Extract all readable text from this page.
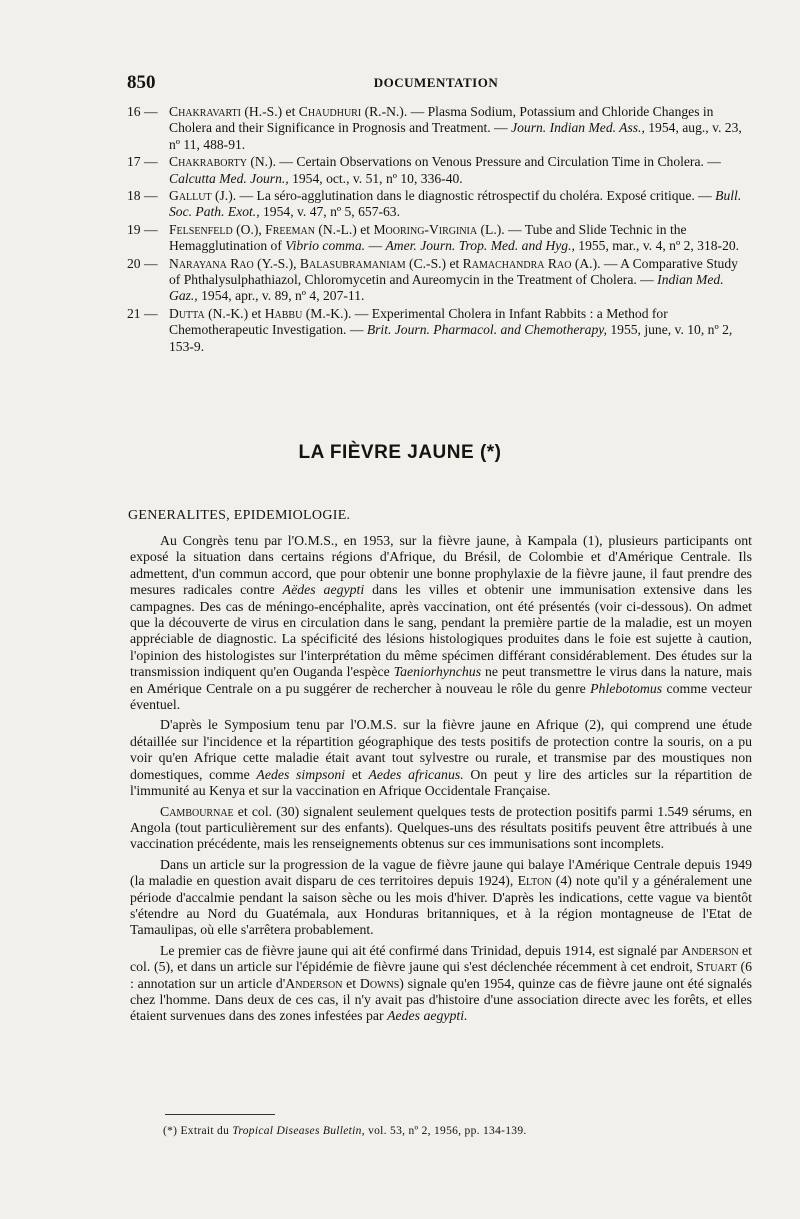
850	DOCUMENTATION
16 — Chakravarti (H.-S.) et Chaudhuri (R.-N.). — Plasma Sodium, Potassium and Chloride Changes in Cholera and their Significance in Prognosis and Treatment. — Journ. Indian Med. Ass., 1954, aug., v. 23, nº 11, 488-91.
17 — Chakraborty (N.). — Certain Observations on Venous Pressure and Circulation Time in Cholera. — Calcutta Med. Journ., 1954, oct., v. 51, nº 10, 336-40.
18 — Gallut (J.). — La séro-agglutination dans le diagnostic rétrospectif du choléra. Exposé critique. — Bull. Soc. Path. Exot., 1954, v. 47, nº 5, 657-63.
19 — Felsenfeld (O.), Freeman (N.-L.) et Mooring-Virginia (L.). — Tube and Slide Technic in the Hemagglutination of Vibrio comma. — Amer. Journ. Trop. Med. and Hyg., 1955, mar., v. 4, nº 2, 318-20.
20 — Narayana Rao (Y.-S.), Balasubramaniam (C.-S.) et Ramachandra Rao (A.). — A Comparative Study of Phthalysulphathiazol, Chloromycetin and Aureomycin in the Treatment of Cholera. — Indian Med. Gaz., 1954, apr., v. 89, nº 4, 207-11.
21 — Dutta (N.-K.) et Habbu (M.-K.). — Experimental Cholera in Infant Rabbits : a Method for Chemotherapeutic Investigation. — Brit. Journ. Pharmacol. and Chemotherapy, 1955, june, v. 10, nº 2, 153-9.
LA FIÈVRE JAUNE (*)
GENERALITES, EPIDEMIOLOGIE.

Au Congrès tenu par l'O.M.S., en 1953, sur la fièvre jaune, à Kampala (1), plusieurs participants ont exposé la situation dans certains régions d'Afrique, du Brésil, de Colombie et d'Amérique Centrale. Ils admettent, d'un commun accord, que pour obtenir une bonne prophylaxie de la fièvre jaune, il faut prendre des mesures radicales contre Aëdes aegypti dans les villes et obtenir une immunisation extensive dans les campagnes. Des cas de méningo-encéphalite, après vaccination, ont été présentés (voir ci-dessous). On admet que la découverte de virus en circulation dans le sang, pendant la première partie de la maladie, est un moyen appréciable de diagnostic. La spécificité des lésions histologiques produites dans le foie est sujette à caution, l'opinion des histologistes sur l'interprétation du même spécimen différant considérablement. Des études sur la transmission indiquent qu'en Ouganda l'espèce Taeniorhynchus ne peut transmettre le virus dans la nature, mais en Amérique Centrale on a pu suggérer de rechercher à nouveau le rôle du genre Phlebotomus comme vecteur éventuel.

D'après le Symposium tenu par l'O.M.S. sur la fièvre jaune en Afrique (2), qui comprend une étude détaillée sur l'incidence et la répartition géographique des tests positifs de protection contre la souris, on a pu voir qu'en Afrique cette maladie était avant tout sylvestre ou rurale, et transmise par des moustiques non domestiques, comme Aedes simpsoni et Aedes africanus. On peut y lire des articles sur la répartition de l'immunité au Kenya et sur la vaccination en Afrique Occidentale Française.

Cambournae et col. (30) signalent seulement quelques tests de protection positifs parmi 1.549 sérums, en Angola (tout particulièrement sur des enfants). Quelques-uns des résultats positifs peuvent être attribués à une vaccination précédente, mais les renseignements obtenus sur ces immunisations sont incomplets.

Dans un article sur la progression de la vague de fièvre jaune qui balaye l'Amérique Centrale depuis 1949 (la maladie en question avait disparu de ces territoires depuis 1924), Elton (4) note qu'il y a généralement une période d'accalmie pendant la saison sèche ou les mois d'hiver. D'après les indications, cette vague va bientôt s'étendre au Nord du Guatémala, aux Honduras britanniques, et à la région montagneuse de l'Etat de Tamaulipas, où elle s'arrêtera probablement.

Le premier cas de fièvre jaune qui ait été confirmé dans Trinidad, depuis 1914, est signalé par Anderson et col. (5), et dans un article sur l'épidémie de fièvre jaune qui s'est déclenchée récemment à cet endroit, Stuart (6 : annotation sur un article d'Anderson et Downs) signale qu'en 1954, quinze cas de fièvre jaune ont été signalés chez l'homme. Dans deux de ces cas, il n'y avait pas d'histoire d'une association directe avec les forêts, et elles étaient survenues dans des zones infestées par Aedes aegypti.

(*) Extrait du Tropical Diseases Bulletin, vol. 53, nº 2, 1956, pp. 134-139.
